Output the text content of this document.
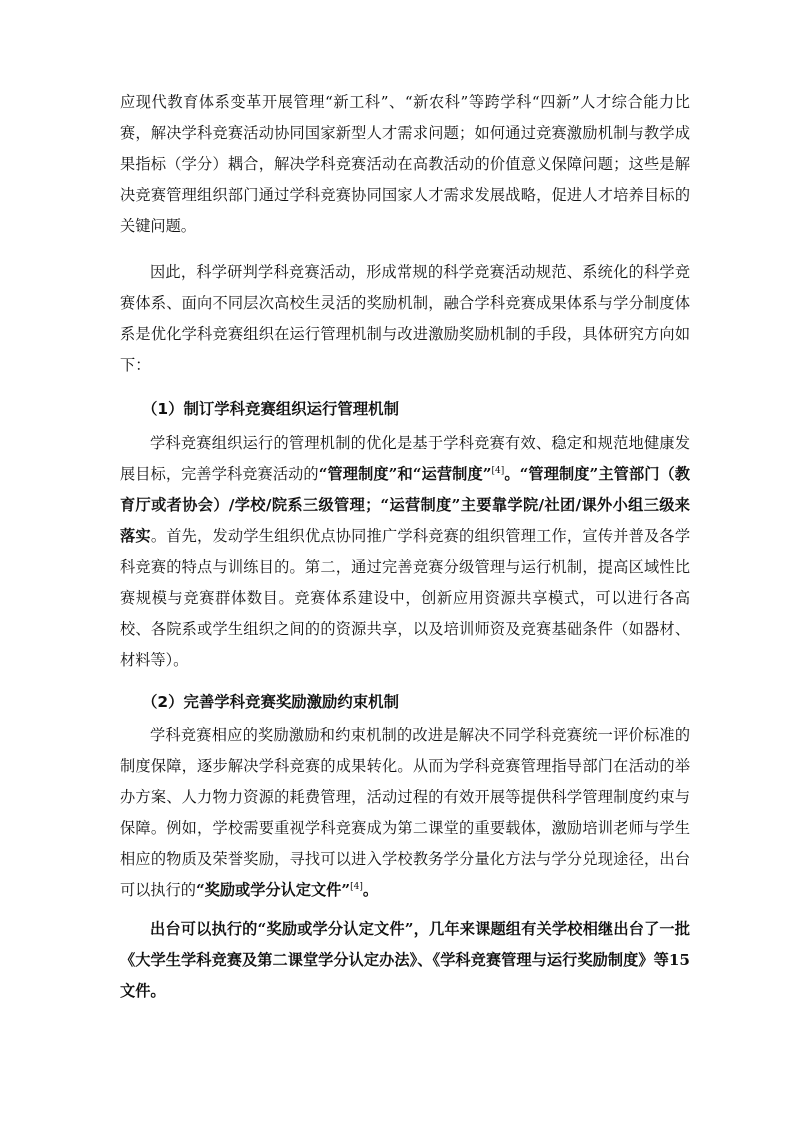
应现代教育体系变革开展管理“新工科”、“新农科”等跨学科“四新”人才综合能力比赛，解决学科竞赛活动协同国家新型人才需求问题；如何通过竞赛激励机制与教学成果指标（学分）耦合，解决学科竞赛活动在高教活动的价值意义保障问题；这些是解决竞赛管理组织部门通过学科竞赛协同国家人才需求发展战略，促进人才培养目标的关键问题。

因此，科学研判学科竞赛活动，形成常规的科学竞赛活动规范、系统化的科学竞赛体系、面向不同层次高校生灵活的奖励机制，融合学科竞赛成果体系与学分制度体系是优化学科竞赛组织在运行管理机制与改进激励奖励机制的手段，具体研究方向如下：

（1）制订学科竞赛组织运行管理机制

学科竞赛组织运行的管理机制的优化是基于学科竞赛有效、稳定和规范地健康发展目标，完善学科竞赛活动的“管理制度”和“运营制度”[4]。“管理制度”主管部门（教育厅或者协会）/学校/院系三级管理；“运营制度”主要靠学院/社团/课外小组三级来落实。首先，发动学生组织优点协同推广学科竞赛的组织管理工作，宣传并普及各学科竞赛的特点与训练目的。第二，通过完善竞赛分级管理与运行机制，提高区域性比赛规模与竞赛群体数目。竞赛体系建设中，创新应用资源共享模式，可以进行各高校、各院系或学生组织之间的的资源共享，以及培训师资及竞赛基础条件（如器材、材料等）。

（2）完善学科竞赛奖励激励约束机制

学科竞赛相应的奖励激励和约束机制的改进是解决不同学科竞赛统一评价标准的制度保障，逐步解决学科竞赛的成果转化。从而为学科竞赛管理指导部门在活动的举办方案、人力物力资源的耗费管理，活动过程的有效开展等提供科学管理制度约束与保障。例如，学校需要重视学科竞赛成为第二课堂的重要载体，激励培训老师与学生相应的物质及荣誉奖励，寻找可以进入学校教务学分量化方法与学分兑现途径，出台可以执行的“奖励或学分认定文件”[4]。

出台可以执行的“奖励或学分认定文件”，几年来课题组有关学校相继出台了一批《大学生学科竞赛及第二课堂学分认定办法》、《学科竞赛管理与运行奖励制度》等15文件。
